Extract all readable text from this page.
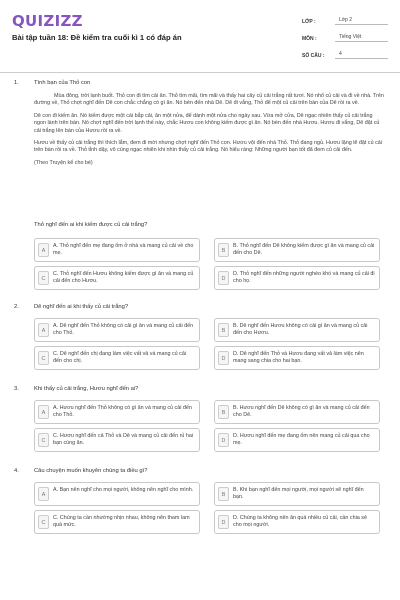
QUIZIZZ
Bài tập tuần 18: Đề kiểm tra cuối kì 1 có đáp án
LỚP :	Lớp 2
MÔN :	Tiếng Việt
SỐ CÂU :	4
1.	Tình bạn của Thỏ con

Mùa đông, trời lạnh buốt. Thỏ con đi tìm cải ăn. Thỏ tìm mãi, tìm mãi và thấy hai cây củ cải trắng rất tươi. Nó nhổ củ cải và đi về nhà. Trên đường về, Thỏ chợt nghĩ đến Dê con chắc chẳng có gì ăn. Nó bèn đến nhà Dê. Dê đi vắng, Thỏ để một củ cải trên bàn của Dê rồi ra về.

Dê con đi kiếm ăn. Nó kiếm được một cái bắp cải, ăn một nửa, để dành một nửa cho ngày sau. Vừa mở cửa, Dê ngạc nhiên thấy củ cải trắng ngon lành trên bàn. Nó chợt nghĩ đến trời lạnh thế này, chắc Hươu con không kiếm được gì ăn. Nó bèn đến nhà Hươu. Hươu đi vắng, Dê đặt củ cải trắng lên bàn của Hươu rồi ra về.

Hươu về thấy củ cải trắng thì thích lắm, đem đi mời nhưng chợt nghĩ đến Thỏ con. Hươu vội đến nhà Thỏ. Thỏ đang ngủ. Hươu lặng lẽ đặt củ cải trên bàn rồi ra về. Thỏ tỉnh dậy, vô cùng ngạc nhiên khi nhìn thấy củ cải trắng. Nó hiểu ràng: Những người bạn tốt đã đem củ cải đến.

(Theo Truyện kể cho bé)

Thỏ nghĩ đến ai khi kiếm được củ cải trắng?
A
A. Thỏ nghĩ đến mẹ đang ốm ở nhà và mang củ cải về cho mẹ.	B
B. Thỏ nghĩ đến Dê không kiếm được gì ăn và mang củ cải đến cho Dê.
C
C. Thỏ nghĩ đến Hươu không kiếm được gì ăn và mang củ cải đến cho Hươu.	D
D. Thỏ nghĩ đến những người nghèo khó và mang củ cải đi cho họ.
2.	Dê nghĩ đến ai khi thấy củ cải trắng?
A
A. Dê nghĩ đến Thỏ không có cải gì ăn và mang củ cải đến cho Thỏ.	B
B. Dê nghĩ đến Hươu không có cải gì ăn và mang củ cải đến cho Hươu.
C
C. Dê nghĩ đến chị đang làm việc vất vả và mang củ cải đến cho chị.	D
D. Dê nghĩ đến Thỏ và Hươu đang vất vả làm việc nên mang sang chia cho hai bạn.
3.	Khi thấy củ cải trắng, Hươu nghĩ đến ai?
A
A. Hươu nghĩ đến Thỏ không có gì ăn và mang củ cải đến cho Thỏ.	B
B. Hươu nghĩ đến Dê không có gì ăn và mang củ cải đến cho Dê.
C
C. Hươu nghĩ đến cả Thỏ và Dê và mang củ cải đến rủ hai bạn cùng ăn.	D
D. Hươu nghĩ đến mẹ đang ốm nên mang củ cải qua cho mẹ.
4.	Câu chuyện muốn khuyên chúng ta điều gì?
A
A. Bạn nên nghĩ cho mọi người, không nên nghĩ cho mình.
B
B. Khi bạn nghĩ đến mọi người, mọi người sẽ nghĩ đến bạn.
C
C. Chúng ta cần nhường nhịn nhau, không nên tham lam quá mức.	D
D. Chúng ta không nên ăn quá nhiều củ cải, cần chia sẻ cho mọi người.
